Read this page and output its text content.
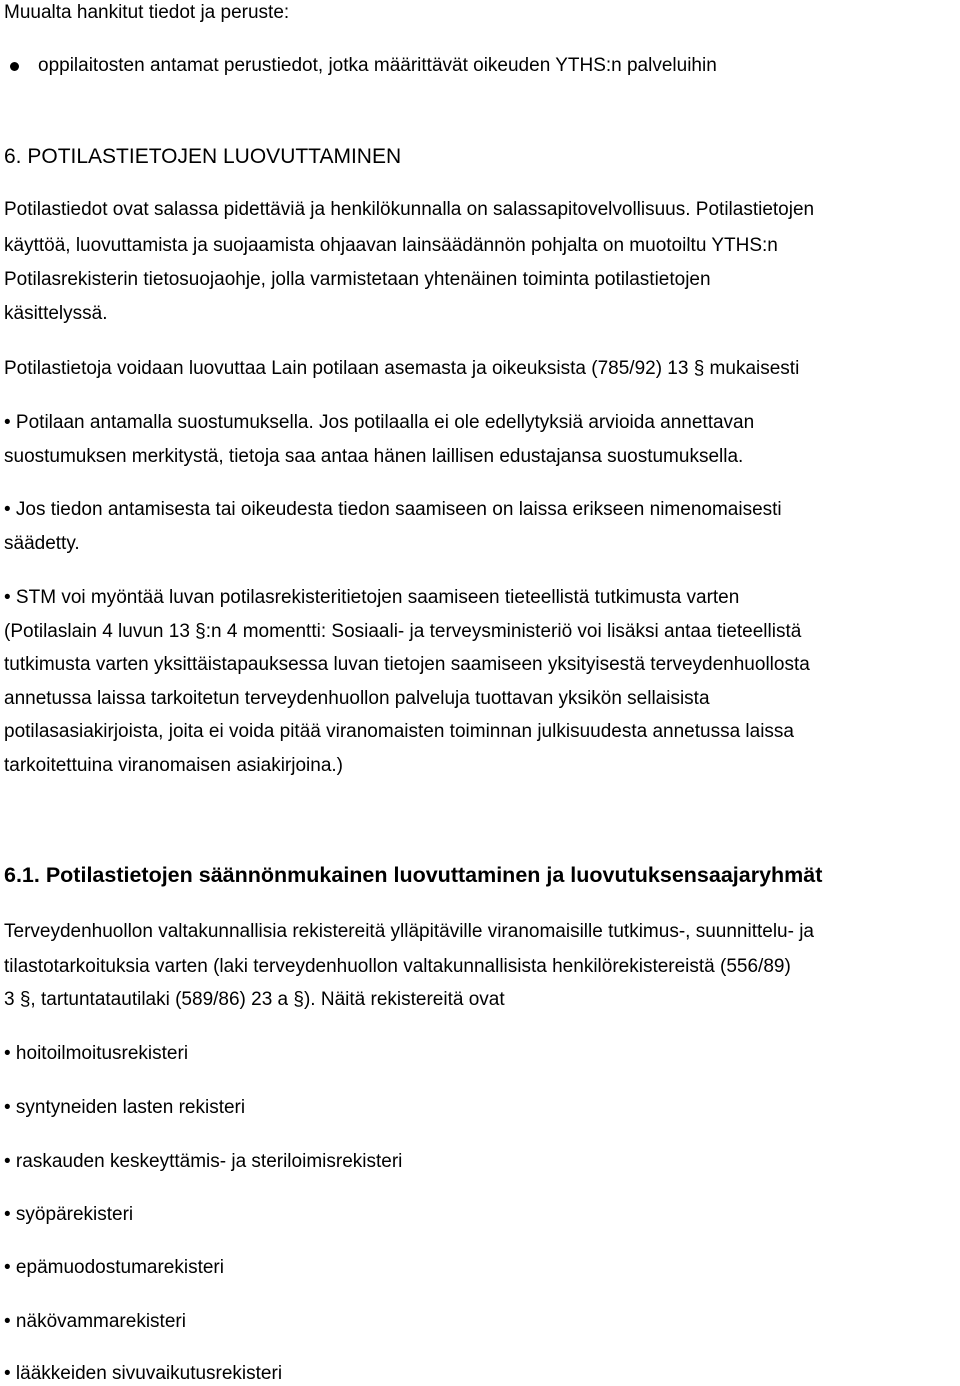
Muualta hankitut tiedot ja peruste:
oppilaitosten antamat perustiedot, jotka määrittävät oikeuden YTHS:n palveluihin
6. POTILASTIETOJEN LUOVUTTAMINEN
Potilastiedot ovat salassa pidettäviä ja henkilökunnalla on salassapitovelvollisuus. Potilastietojen
käyttöä, luovuttamista ja suojaamista ohjaavan lainsäädännön pohjalta on muotoiltu YTHS:n
Potilasrekisterin tietosuojaohje, jolla varmistetaan yhtenäinen toiminta potilastietojen
käsittelyssä.
Potilastietoja voidaan luovuttaa Lain potilaan asemasta ja oikeuksista (785/92) 13 § mukaisesti
• Potilaan antamalla suostumuksella. Jos potilaalla ei ole edellytyksiä arvioida annettavan
suostumuksen merkitystä, tietoja saa antaa hänen laillisen edustajansa suostumuksella.
• Jos tiedon antamisesta tai oikeudesta tiedon saamiseen on laissa erikseen nimenomaisesti
säädetty.
• STM voi myöntää luvan potilasrekisteritietojen saamiseen tieteellistä tutkimusta varten
(Potilaslain 4 luvun 13 §:n 4 momentti: Sosiaali- ja terveysministeriö voi lisäksi antaa tieteellistä
tutkimusta varten yksittäistapauksessa luvan tietojen saamiseen yksityisestä terveydenhuollosta
annetussa laissa tarkoitetun terveydenhuollon palveluja tuottavan yksikön sellaisista
potilasasiakirjoista, joita ei voida pitää viranomaisten toiminnan julkisuudesta annetussa laissa
tarkoitettuina viranomaisen asiakirjoina.)
6.1. Potilastietojen säännönmukainen luovuttaminen ja luovutuksensaajaryhmät
Terveydenhuollon valtakunnallisia rekistereitä ylläpitäville viranomaisille tutkimus-, suunnittelu- ja
tilastotarkoituksia varten (laki terveydenhuollon valtakunnallisista henkilörekistereistä (556/89)
3 §, tartuntatautilaki (589/86) 23 a §). Näitä rekistereitä ovat
• hoitoilmoitusrekisteri
• syntyneiden lasten rekisteri
• raskauden keskeyttämis- ja steriloimisrekisteri
• syöpärekisteri
• epämuodostumarekisteri
• näkövammarekisteri
• lääkkeiden sivuvaikutusrekisteri
